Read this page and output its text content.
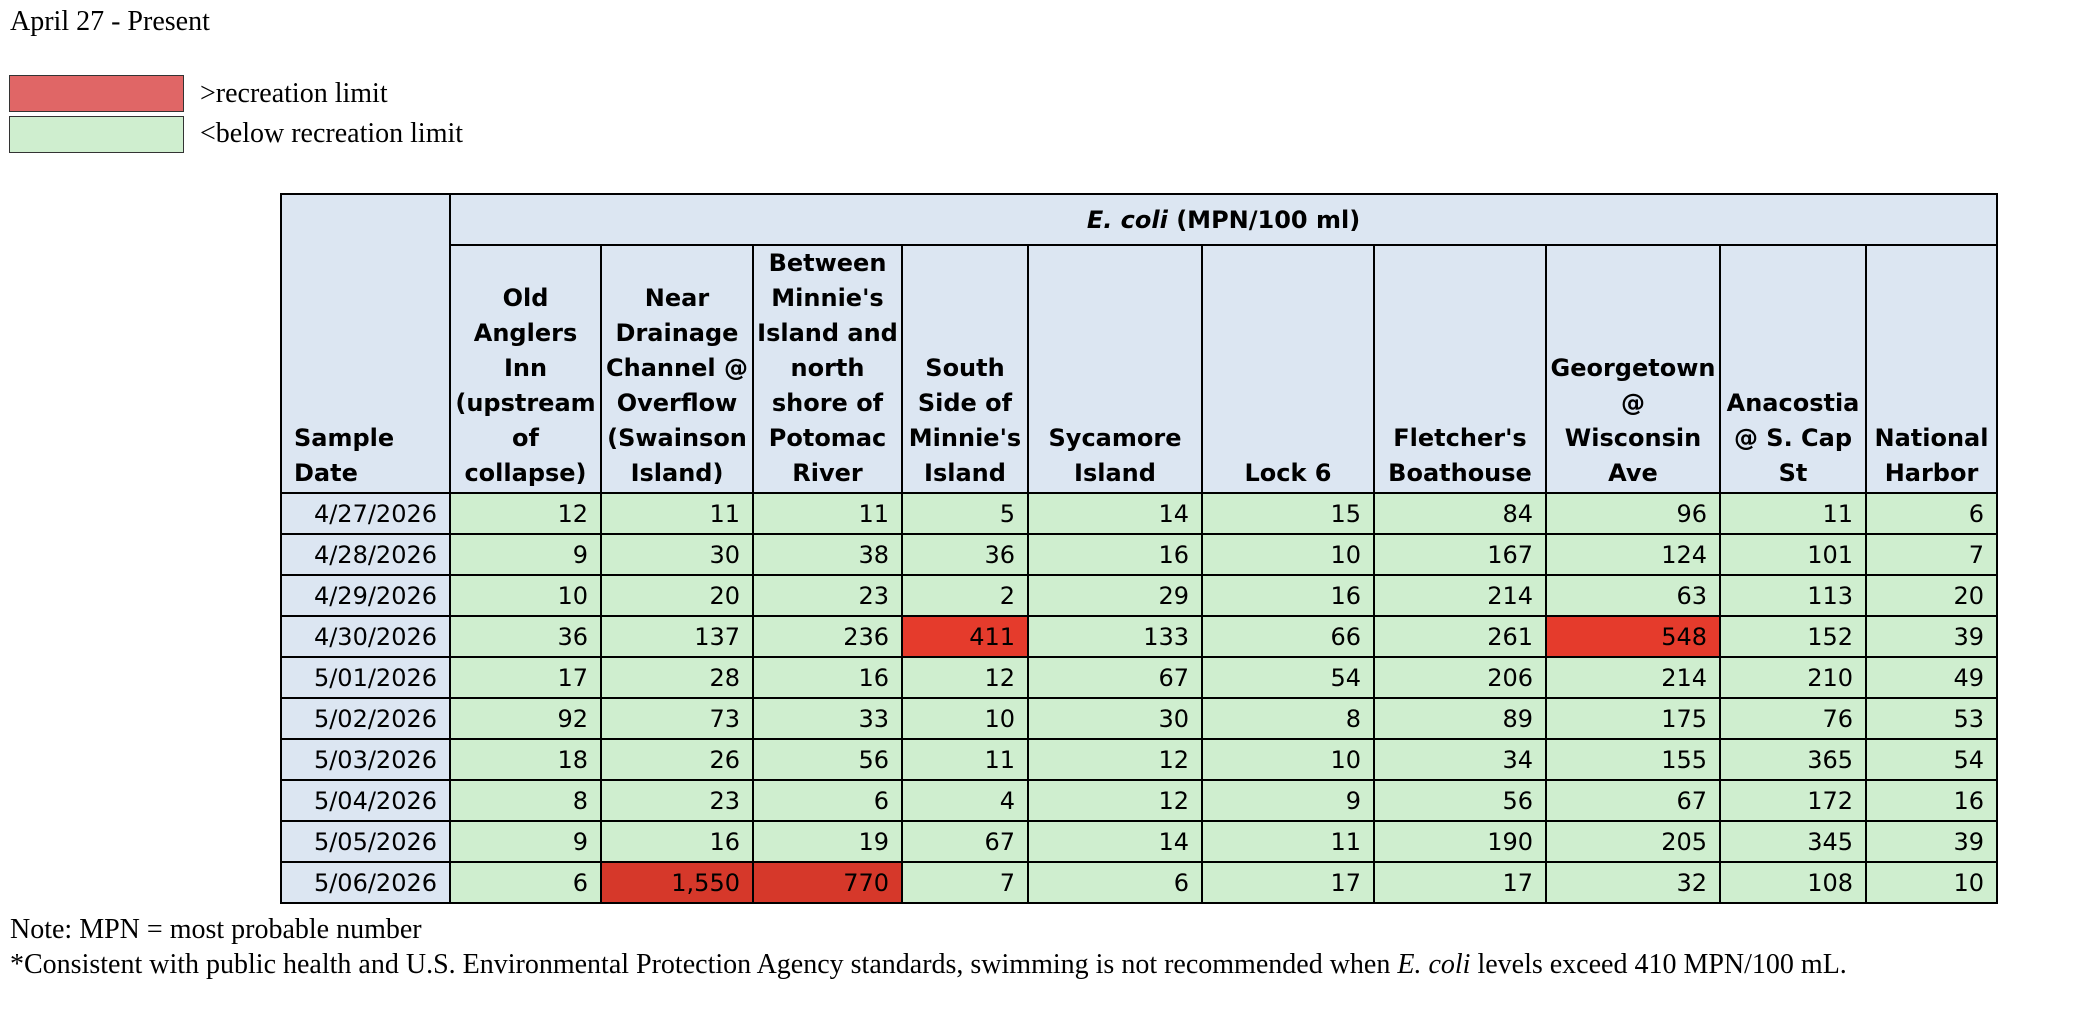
April 27 - Present
>recreation limit
<below recreation limit
Sample Date	E. coli (MPN/100 ml)									
	Old Anglers Inn (upstream of collapse)	Near Drainage Channel @ Overflow (Swainson Island)	Between Minnie's Island and north shore of Potomac River	South Side of Minnie's Island	Sycamore Island	Lock 6	Fletcher's Boathouse	Georgetown @ Wisconsin Ave	Anacostia @ S. Cap St	National Harbor
4/27/2026	12	11	11	5	14	15	84	96	11	6
4/28/2026	9	30	38	36	16	10	167	124	101	7
4/29/2026	10	20	23	2	29	16	214	63	113	20
4/30/2026	36	137	236	411	133	66	261	548	152	39
5/01/2026	17	28	16	12	67	54	206	214	210	49
5/02/2026	92	73	33	10	30	8	89	175	76	53
5/03/2026	18	26	56	11	12	10	34	155	365	54
5/04/2026	8	23	6	4	12	9	56	67	172	16
5/05/2026	9	16	19	67	14	11	190	205	345	39
5/06/2026	6	1,550	770	7	6	17	17	32	108	10
Note: MPN = most probable number
*Consistent with public health and U.S. Environmental Protection Agency standards, swimming is not recommended when E. coli levels exceed 410 MPN/100 mL.
